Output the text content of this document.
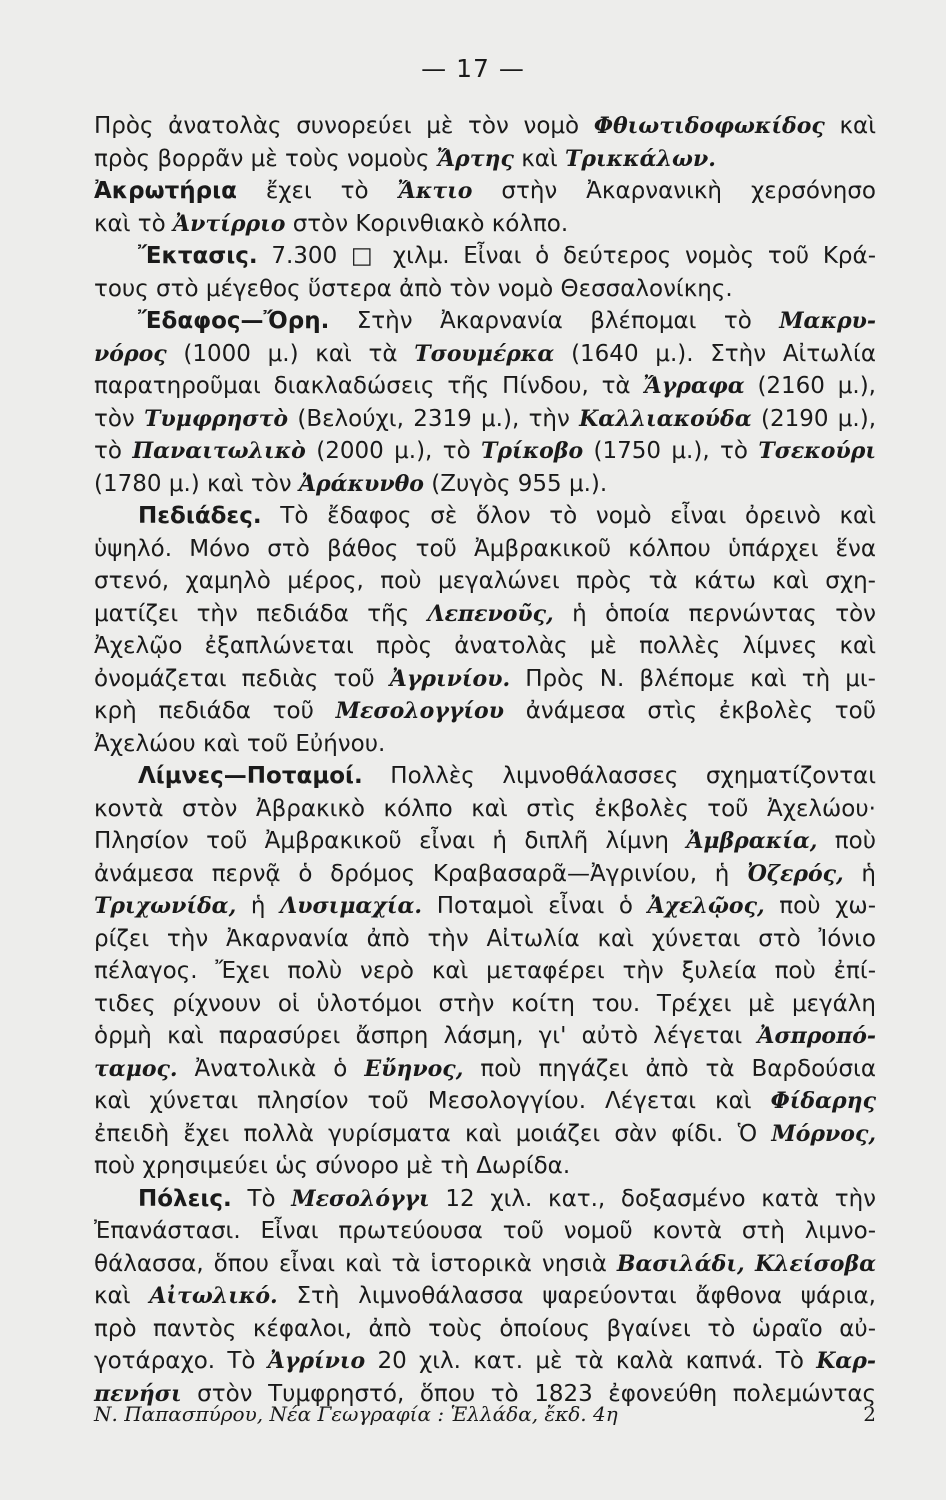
— 17 —
Πρὸς ἀνατολὰς συνορεύει μὲ τὸν νομὸ Φθιωτιδοφωκίδος καὶ
πρὸς βορρᾶν μὲ τοὺς νομοὺς Ἄρτης καὶ Τρικκάλων.
Ἀκρωτήρια ἔχει τὸ Ἄκτιο στὴν Ἀκαρνανικὴ χερσόνησο
καὶ τὸ Ἀντίρριο στὸν Κορινθιακὸ κόλπο.
Ἔκτασις. 7.300 □ χιλμ. Εἶναι ὁ δεύτερος νομὸς τοῦ Κρά-
τους στὸ μέγεθος ὕστερα ἀπὸ τὸν νομὸ Θεσσαλονίκης.
Ἔδαφος—Ὄρη. Στὴν Ἀκαρνανία βλέπομαι τὸ Μακρυ-
νόρος (1000 μ.) καὶ τὰ Τσουμέρκα (1640 μ.). Στὴν Αἰτωλία
παρατηροῦμαι διακλαδώσεις τῆς Πίνδου, τὰ Ἄγραφα (2160 μ.),
τὸν Τυμφρηστὸ (Βελούχι, 2319 μ.), τὴν Καλλιακούδα (2190 μ.),
τὸ Παναιτωλικὸ (2000 μ.), τὸ Τρίκοβο (1750 μ.), τὸ Τσεκούρι
(1780 μ.) καὶ τὸν Ἀράκυνθο (Ζυγὸς 955 μ.).
Πεδιάδες. Τὸ ἔδαφος σὲ ὅλον τὸ νομὸ εἶναι ὀρεινὸ καὶ
ὑψηλό. Μόνο στὸ βάθος τοῦ Ἀμβρακικοῦ κόλπου ὑπάρχει ἕνα
στενό, χαμηλὸ μέρος, ποὺ μεγαλώνει πρὸς τὰ κάτω καὶ σχη-
ματίζει τὴν πεδιάδα τῆς Λεπενοῦς, ἡ ὁποία περνώντας τὸν
Ἀχελῷο ἐξαπλώνεται πρὸς ἀνατολὰς μὲ πολλὲς λίμνες καὶ
ὀνομάζεται πεδιὰς τοῦ Ἀγρινίου. Πρὸς Ν. βλέπομε καὶ τὴ μι-
κρὴ πεδιάδα τοῦ Μεσολογγίου ἀνάμεσα στὶς ἐκβολὲς τοῦ
Ἀχελώου καὶ τοῦ Εὐήνου.
Λίμνες—Ποταμοί. Πολλὲς λιμνοθάλασσες σχηματίζονται
κοντὰ στὸν Ἀβρακικὸ κόλπο καὶ στὶς ἐκβολὲς τοῦ Ἀχελώου·
Πλησίον τοῦ Ἀμβρακικοῦ εἶναι ἡ διπλῆ λίμνη Ἀμβρακία, ποὺ
ἀνάμεσα περνᾷ ὁ δρόμος Κραβασαρᾶ—Ἀγρινίου, ἡ Ὀζερός, ἡ
Τριχωνίδα, ἡ Λυσιμαχία. Ποταμοὶ εἶναι ὁ Ἀχελῷος, ποὺ χω-
ρίζει τὴν Ἀκαρνανία ἀπὸ τὴν Αἰτωλία καὶ χύνεται στὸ Ἰόνιο
πέλαγος. Ἔχει πολὺ νερὸ καὶ μεταφέρει τὴν ξυλεία ποὺ ἐπί-
τιδες ρίχνουν οἱ ὑλοτόμοι στὴν κοίτη του. Τρέχει μὲ μεγάλη
ὁρμὴ καὶ παρασύρει ἄσπρη λάσμη, γι' αὐτὸ λέγεται Ἀσπροπό-
ταμος. Ἀνατολικὰ ὁ Εὔηνος, ποὺ πηγάζει ἀπὸ τὰ Βαρδούσια
καὶ χύνεται πλησίον τοῦ Μεσολογγίου. Λέγεται καὶ Φίδαρης
ἐπειδὴ ἔχει πολλὰ γυρίσματα καὶ μοιάζει σὰν φίδι. Ὁ Μόρνος,
ποὺ χρησιμεύει ὡς σύνορο μὲ τὴ Δωρίδα.
Πόλεις. Τὸ Μεσολόγγι 12 χιλ. κατ., δοξασμένο κατὰ τὴν
Ἐπανάστασι. Εἶναι πρωτεύουσα τοῦ νομοῦ κοντὰ στὴ λιμνο-
θάλασσα, ὅπου εἶναι καὶ τὰ ἱστορικὰ νησιὰ Βασιλάδι, Κλείσοβα
καὶ Αἰτωλικό. Στὴ λιμνοθάλασσα ψαρεύονται ἄφθονα ψάρια,
πρὸ παντὸς κέφαλοι, ἀπὸ τοὺς ὁποίους βγαίνει τὸ ὡραῖο αὐ-
γοτάραχο. Τὸ Ἀγρίνιο 20 χιλ. κατ. μὲ τὰ καλὰ καπνά. Τὸ Καρ-
πενήσι στὸν Τυμφρηστό, ὅπου τὸ 1823 ἐφονεύθη πολεμώντας
Ν. Παπασπύρου, Νέα Γεωγραφία : Ἑλλάδα, ἔκδ. 4η	2
